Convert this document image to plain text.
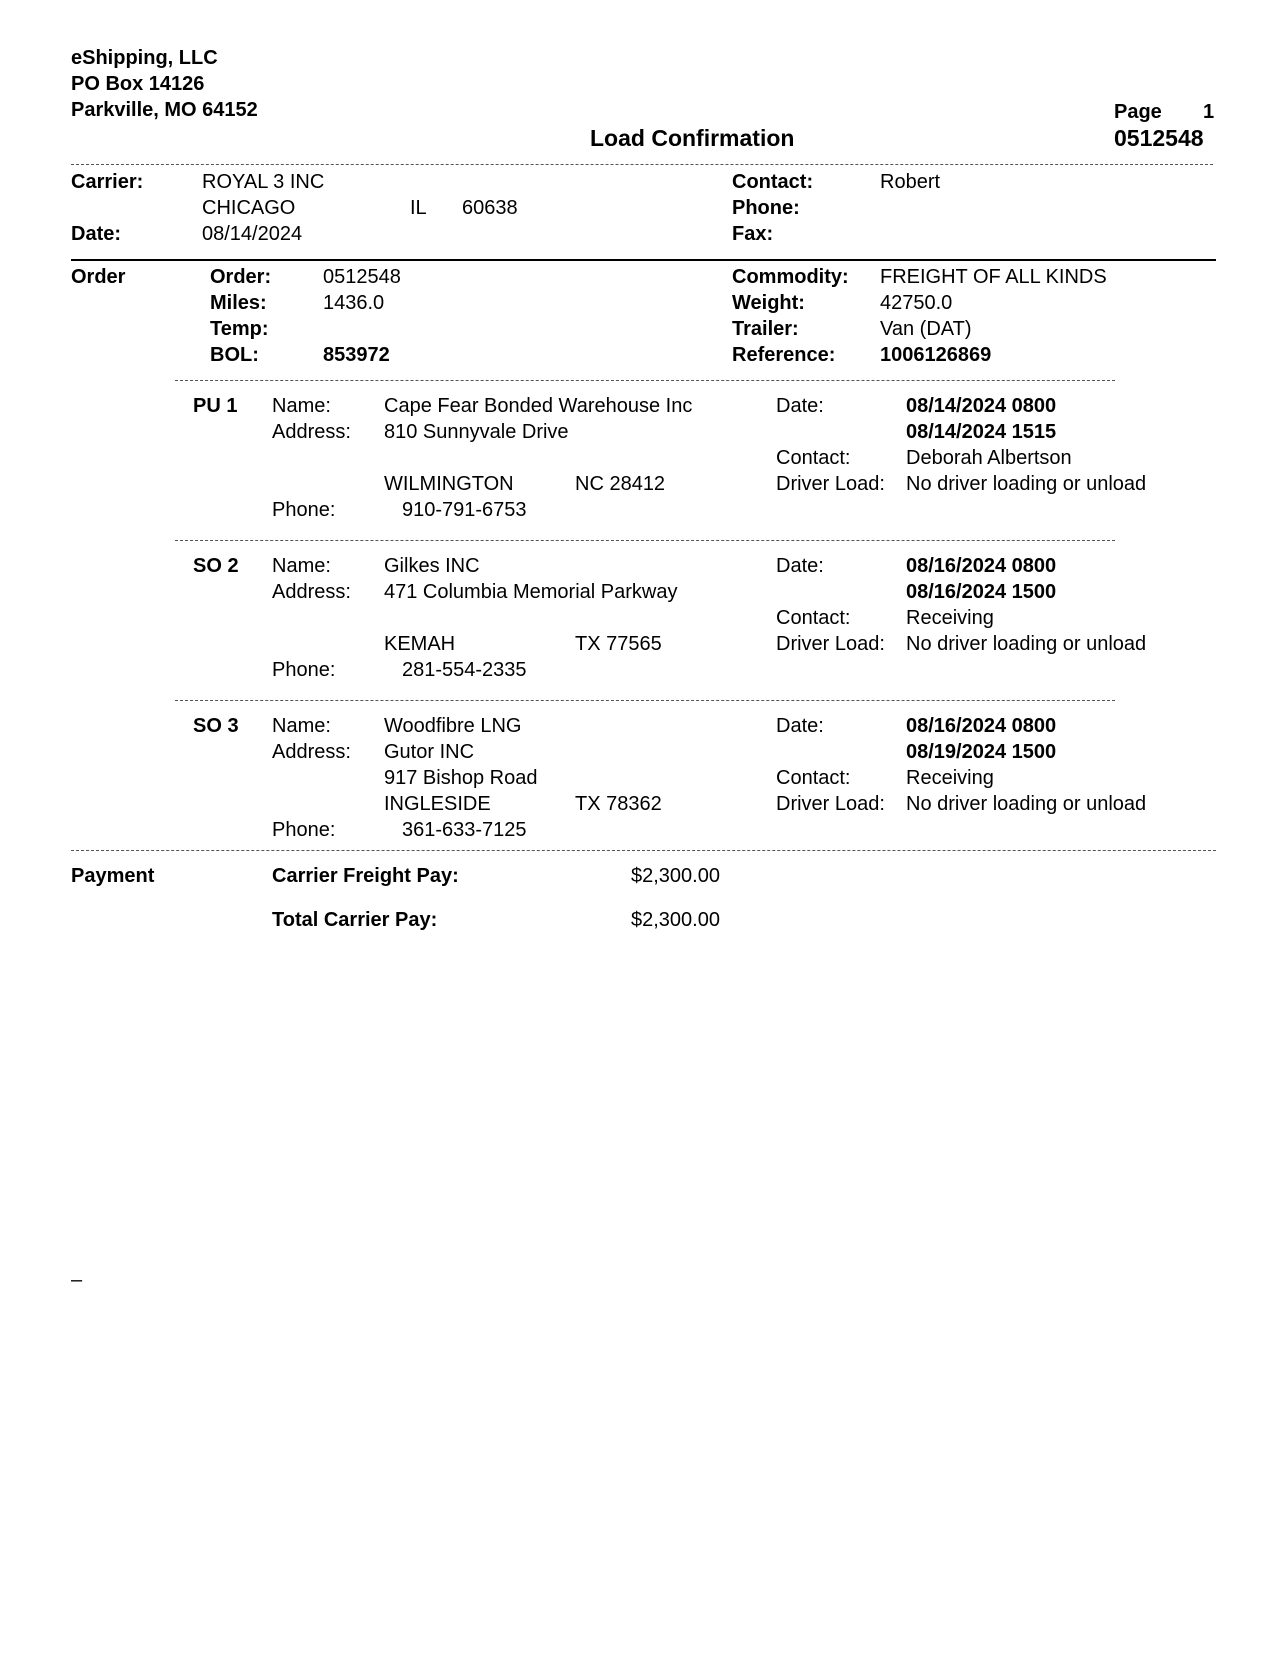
eShipping, LLC
PO Box 14126
Parkville, MO 64152
Load Confirmation
Page 1
0512548
Carrier:	ROYAL 3 INC
CHICAGO	IL 60638
Date:	08/14/2024
Contact:	Robert
Phone:
Fax:
Order	Order:	0512548
Miles:	1436.0
Temp:
BOL:	853972
Commodity: FREIGHT OF ALL KINDS
Weight:	42750.0
Trailer:	Van (DAT)
Reference: 1006126869
PU 1 Name:	Cape Fear Bonded Warehouse Inc
Address: 810 Sunnyvale Drive
WILMINGTON	NC 28412
Phone:	910-791-6753
Date:	08/14/2024 0800
08/14/2024 1515
Contact:	Deborah Albertson
Driver Load: No driver loading or unload
SO 2 Name:	Gilkes INC
Address: 471 Columbia Memorial Parkway
KEMAH	TX 77565
Phone:	281-554-2335
Date:	08/16/2024 0800
08/16/2024 1500
Contact:	Receiving
Driver Load: No driver loading or unload
SO 3 Name:	Woodfibre LNG
Address: Gutor INC
917 Bishop Road
INGLESIDE	TX 78362
Phone:	361-633-7125
Date:	08/16/2024 0800
08/19/2024 1500
Contact:	Receiving
Driver Load: No driver loading or unload
Payment	Carrier Freight Pay:	$2,300.00
Total Carrier Pay:	$2,300.00
–
